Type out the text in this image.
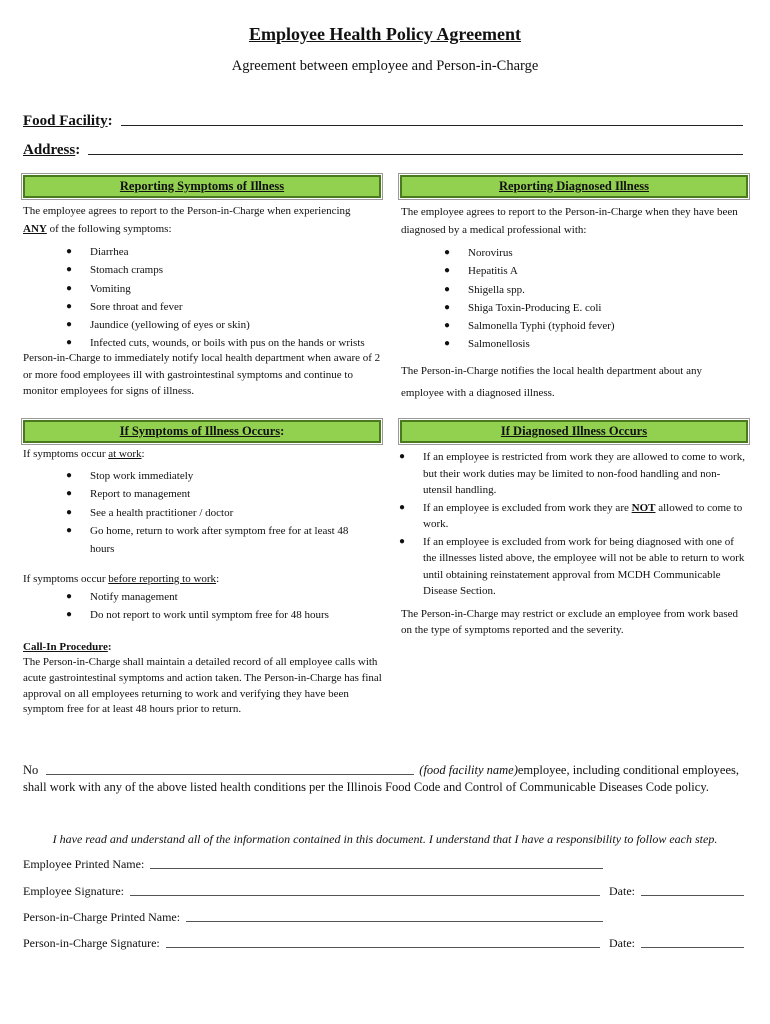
Employee Health Policy Agreement
Agreement between employee and Person-in-Charge
Food Facility :
Address :
Reporting Symptoms of Illness
The employee agrees to report to the Person-in-Charge when experiencing
ANY of the following symptoms:
● Diarrhea
● Stomach cramps
● Vomiting
● Sore throat and fever
● Jaundice (yellowing of eyes or skin)
● Infected cuts, wounds, or boils with pus on the hands or wrists
Person-in-Charge to immediately notify local health department when aware of 2 or more food employees ill with gastrointestinal symptoms and continue to monitor employees for signs of illness.
Reporting Diagnosed Illness
The employee agrees to report to the Person-in-Charge when they have been diagnosed by a medical professional with:
● Norovirus
● Hepatitis A
● Shigella spp.
● Shiga Toxin-Producing E. coli
● Salmonella Typhi (typhoid fever)
● Salmonellosis
The Person-in-Charge notifies the local health department about any employee with a diagnosed illness.
If Symptoms of Illness Occurs:
If symptoms occur at work:
● Stop work immediately
● Report to management
● See a health practitioner / doctor
● Go home, return to work after symptom free for at least 48 hours
If symptoms occur before reporting to work:
● Notify management
● Do not report to work until symptom free for 48 hours
Call-In Procedure:
The Person-in-Charge shall maintain a detailed record of all employee calls with acute gastrointestinal symptoms and action taken. The Person-in-Charge has final approval on all employees returning to work and verifying they have been symptom free for at least 48 hours prior to return.
If Diagnosed Illness Occurs
● If an employee is restricted from work they are allowed to come to work, but their work duties may be limited to non-food handling and non-utensil handling.
● If an employee is excluded from work they are NOT allowed to come to work.
● If an employee is excluded from work for being diagnosed with one of the illnesses listed above, the employee will not be able to return to work until obtaining reinstatement approval from MCDH Communicable Disease Section.
The Person-in-Charge may restrict or exclude an employee from work based on the type of symptoms reported and the severity.
No	(food facility name) employee, including conditional employees,
shall work with any of the above listed health conditions per the Illinois Food Code and Control of Communicable Diseases Code policy.
I have read and understand all of the information contained in this document. I understand that I have a responsibility to follow each step.
Employee Printed Name:
Employee Signature:	Date:
Person-in-Charge Printed Name:
Person-in-Charge Signature:	Date:
